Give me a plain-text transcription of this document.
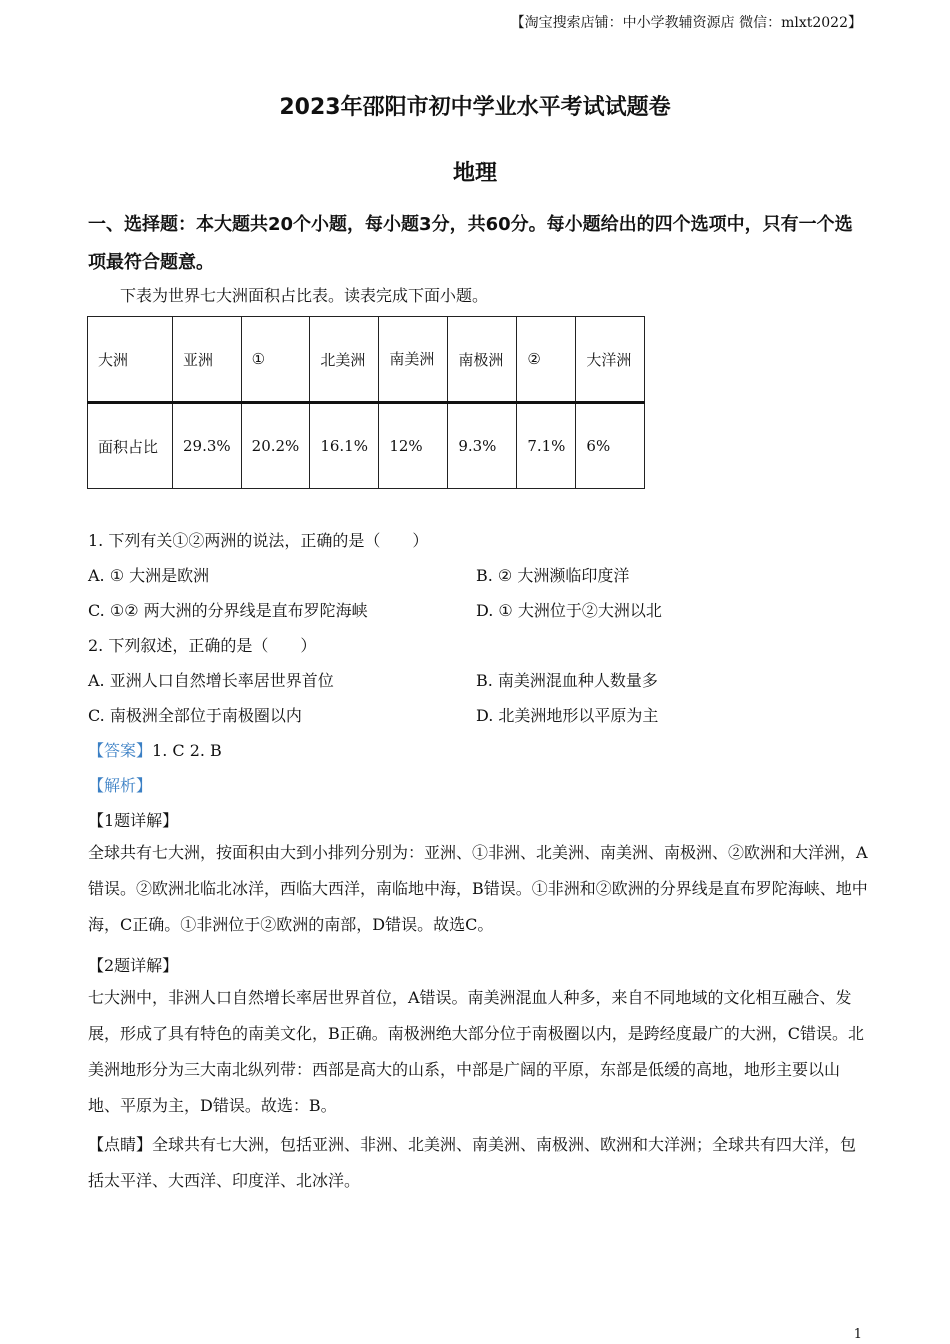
【淘宝搜索店铺：中小学教辅资源店 微信：mlxt2022】
2023年邵阳市初中学业水平考试试题卷
地理
一、选择题：本大题共20个小题，每小题3分，共60分。每小题给出的四个选项中，只有一个选项最符合题意。
下表为世界七大洲面积占比表。读表完成下面小题。
大洲	亚洲	①	北美洲	南美洲	南极洲	②	大洋洲
面积占比	29.3%	20.2%	16.1%	12%	9.3%	7.1%	6%
1. 下列有关①②两洲的说法，正确的是（　　）
A. ① 大洲是欧洲	B. ② 大洲濒临印度洋
C. ①② 两大洲的分界线是直布罗陀海峡	D. ① 大洲位于②大洲以北
2. 下列叙述，正确的是（　　）
A. 亚洲人口自然增长率居世界首位	B. 南美洲混血种人数量多
C. 南极洲全部位于南极圈以内	D. 北美洲地形以平原为主
【答案】1. C 2. B
【解析】
【1题详解】
全球共有七大洲，按面积由大到小排列分别为：亚洲、①非洲、北美洲、南美洲、南极洲、②欧洲和大洋洲，A错误。②欧洲北临北冰洋，西临大西洋，南临地中海，B错误。①非洲和②欧洲的分界线是直布罗陀海峡、地中海，C正确。①非洲位于②欧洲的南部，D错误。故选C。
【2题详解】
七大洲中，非洲人口自然增长率居世界首位，A错误。南美洲混血人种多，来自不同地域的文化相互融合、发展，形成了具有特色的南美文化，B正确。南极洲绝大部分位于南极圈以内，是跨经度最广的大洲，C错误。北美洲地形分为三大南北纵列带：西部是高大的山系，中部是广阔的平原，东部是低缓的高地，地形主要以山地、平原为主，D错误。故选：B。
【点睛】全球共有七大洲，包括亚洲、非洲、北美洲、南美洲、南极洲、欧洲和大洋洲；全球共有四大洋，包括太平洋、大西洋、印度洋、北冰洋。
1
